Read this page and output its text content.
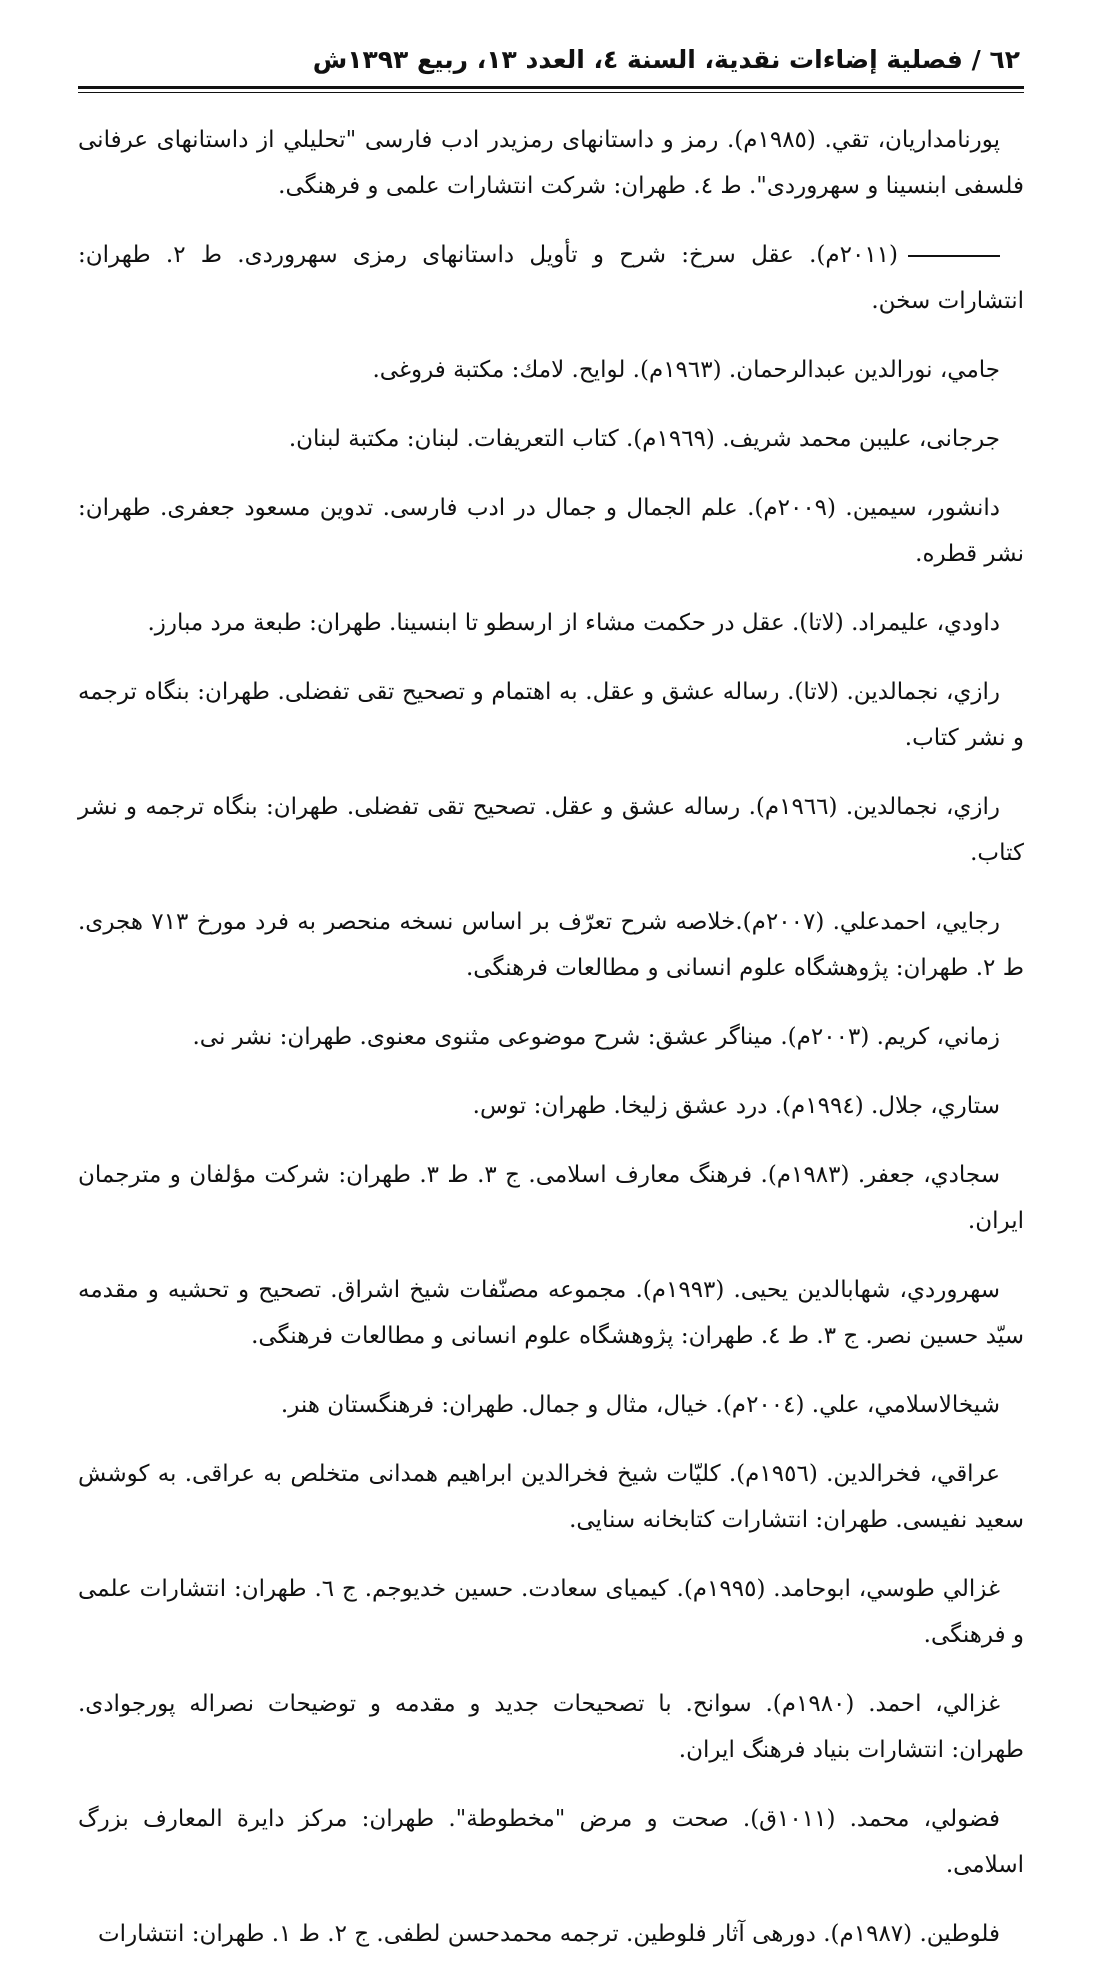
٦٢ / فصلية إضاءات نقدية، السنة ٤، العدد ١٣، ربيع ١٣٩٣ش

پورنامداريان، تقي. (١٩٨٥م). رمز و داستانهای رمزیدر ادب فارسی "تحليلي از داستانهای عرفانی فلسفی ابنسینا و سهروردی". ط ٤. طهران: شركت انتشارات علمی و فرهنگی.

(٢٠١١م). عقل سرخ: شرح و تأويل داستانهای رمزی سهروردی. ط ٢. طهران: انتشارات سخن.

جامي، نورالدين عبدالرحمان. (١٩٦٣م). لوايح. لامك: مكتبة فروغی.

جرجانی، عليبن محمد شريف. (١٩٦٩م). كتاب التعريفات. لبنان: مكتبة لبنان.

دانشور، سيمين. (٢٠٠٩م). علم الجمال و جمال در ادب فارسی. تدوين مسعود جعفری. طهران: نشر قطره.

داودي، عليمراد. (لاتا). عقل در حكمت مشاء از ارسطو تا ابنسينا. طهران: طبعة مرد مبارز.

رازي، نجمالدين. (لاتا). رساله عشق و عقل. به اهتمام و تصحيح تقی تفضلی. طهران: بنگاه ترجمه و نشر كتاب.

رازي، نجمالدين. (١٩٦٦م). رساله عشق و عقل. تصحيح تقی تفضلی. طهران: بنگاه ترجمه و نشر كتاب.

رجايي، احمدعلي. (٢٠٠٧م).خلاصه شرح تعرّف بر اساس نسخه منحصر به فرد مورخ ٧١٣ هجری. ط ٢. طهران: پژوهشگاه علوم انسانی و مطالعات فرهنگی.

زماني، كريم. (٢٠٠٣م). میناگر عشق: شرح موضوعی مثنوی معنوی. طهران: نشر نی.

ستاري، جلال. (١٩٩٤م). درد عشق زليخا. طهران: توس.

سجادي، جعفر. (١٩٨٣م). فرهنگ معارف اسلامی. ج ٣. ط ٣. طهران: شركت مؤلفان و مترجمان ايران.

سهروردي، شهابالدين يحيى. (١٩٩٣م). مجموعه مصنّفات شيخ اشراق. تصحيح و تحشيه و مقدمه سيّد حسين نصر. ج ٣. ط ٤. طهران: پژوهشگاه علوم انسانی و مطالعات فرهنگی.

شيخالاسلامي، علي. (٢٠٠٤م). خيال، مثال و جمال. طهران: فرهنگستان هنر.

عراقي، فخرالدين. (١٩٥٦م). كلیّات شيخ فخرالدين ابراهيم همدانی متخلص به عراقی. به كوشش سعيد نفيسی. طهران: انتشارات كتابخانه سنايی.

غزالي طوسي، ابوحامد. (١٩٩٥م). كيمياى سعادت. حسين خديوجم. ج ٦. طهران: انتشارات علمی و فرهنگی.

غزالي، احمد. (١٩٨٠م). سوانح. با تصحيحات جديد و مقدمه و توضيحات نصراله پورجوادی. طهران: انتشارات بنياد فرهنگ ايران.

فضولي، محمد. (١٠١١ق). صحت و مرض "مخطوطة". طهران: مركز دايرة المعارف بزرگ اسلامی.

فلوطين. (١٩٨٧م). دورهی آثار فلوطين. ترجمه محمدحسن لطفی. ج ٢. ط ١. طهران: انتشارات
